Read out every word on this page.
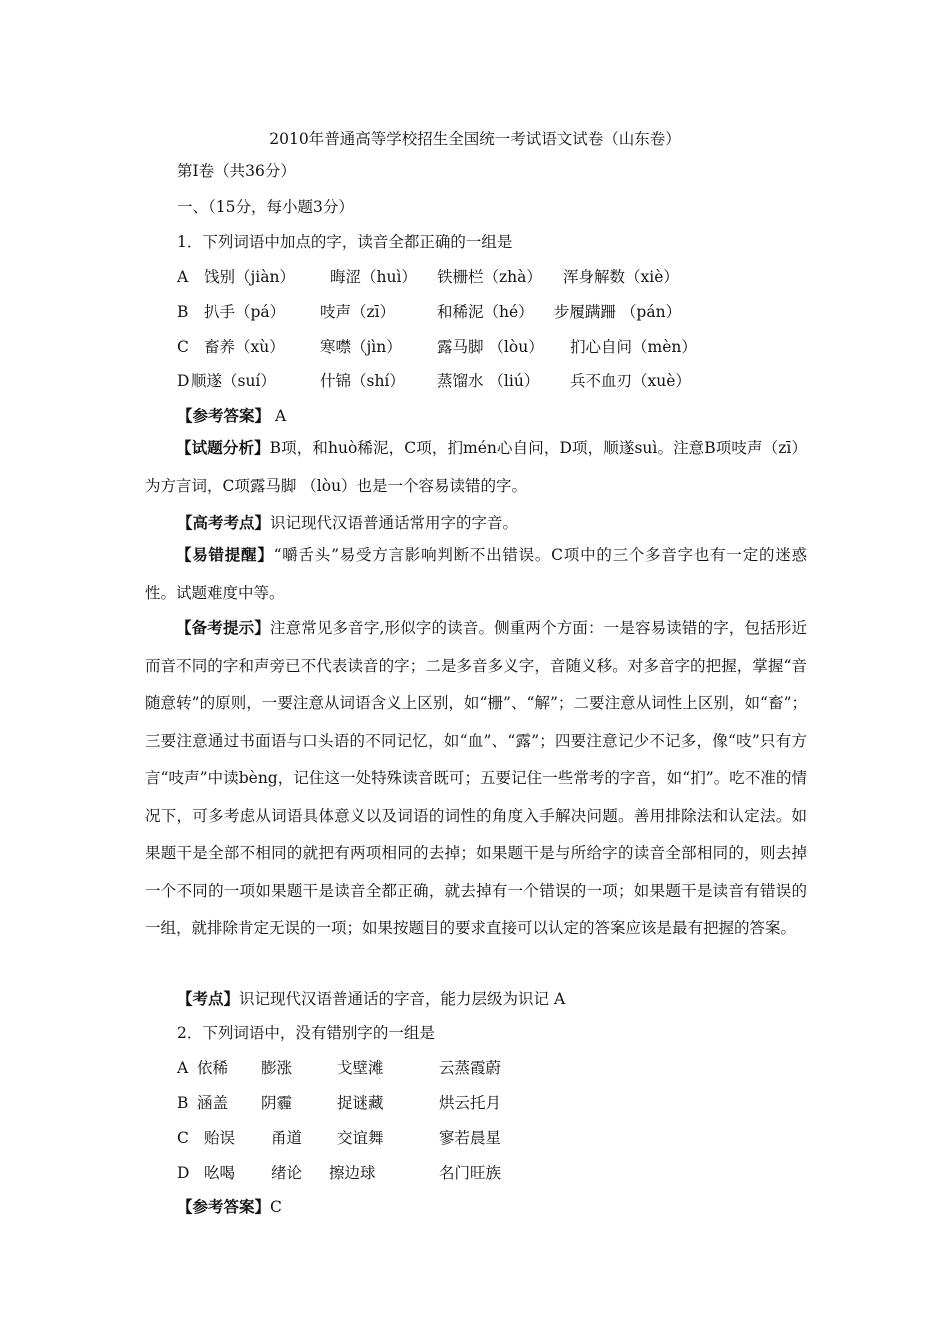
2010年普通高等学校招生全国统一考试语文试卷（山东卷）
第Ⅰ卷（共36分）
一、（15分，每小题3分）
1．下列词语中加点的字，读音全都正确的一组是
A 饯别（jiàn） 晦涩（huì） 铁栅栏（zhà） 浑身解数（xiè）
B 扒手（pá） 吱声（zī）	和稀泥（hé） 步履蹒跚 （pán）
C 畜养（xù） 寒噤（jìn） 露马脚 （lòu） 扪心自问（mèn）
D 顺遂（suí）	什锦（shí） 蒸馏水 （liú） 兵不血刃（xuè）
【参考答案】 A

【试题分析】B项，和huò稀泥，C项，扪mén心自问，D项，顺遂suì。注意B项吱声（zī）为方言词，C项露马脚 （lòu）也是一个容易读错的字。

【高考考点】识记现代汉语普通话常用字的字音。

【易错提醒】“嚼舌头”易受方言影响判断不出错误。C项中的三个多音字也有一定的迷惑性。试题难度中等。

【备考提示】注意常见多音字,形似字的读音。侧重两个方面：一是容易读错的字，包括形近而音不同的字和声旁已不代表读音的字；二是多音多义字，音随义移。对多音字的把握，掌握“音随意转”的原则，一要注意从词语含义上区别，如“栅”、“解”；二要注意从词性上区别，如“畜”；三要注意通过书面语与口头语的不同记忆，如“血”、“露”；四要注意记少不记多，像“吱”只有方言“吱声”中读bèng，记住这一处特殊读音既可；五要记住一些常考的字音，如“扪”。吃不准的情况下，可多考虑从词语具体意义以及词语的词性的角度入手解决问题。善用排除法和认定法。如果题干是全部不相同的就把有两项相同的去掉；如果题干是与所给字的读音全部相同的，则去掉一个不同的一项如果题干是读音全都正确，就去掉有一个错误的一项；如果题干是读音有错误的一组，就排除肯定无误的一项；如果按题目的要求直接可以认定的答案应该是最有把握的答案。

【考点】识记现代汉语普通话的字音，能力层级为识记 A
2．下列词语中，没有错别字的一组是
A 依稀 膨涨	戈壁滩	云蒸霞蔚
B 涵盖 阴霾	捉谜藏	烘云托月
C 贻误 甬道 交谊舞	寥若晨星
D 吆喝 绪论 擦边球	名门旺族
【参考答案】C
